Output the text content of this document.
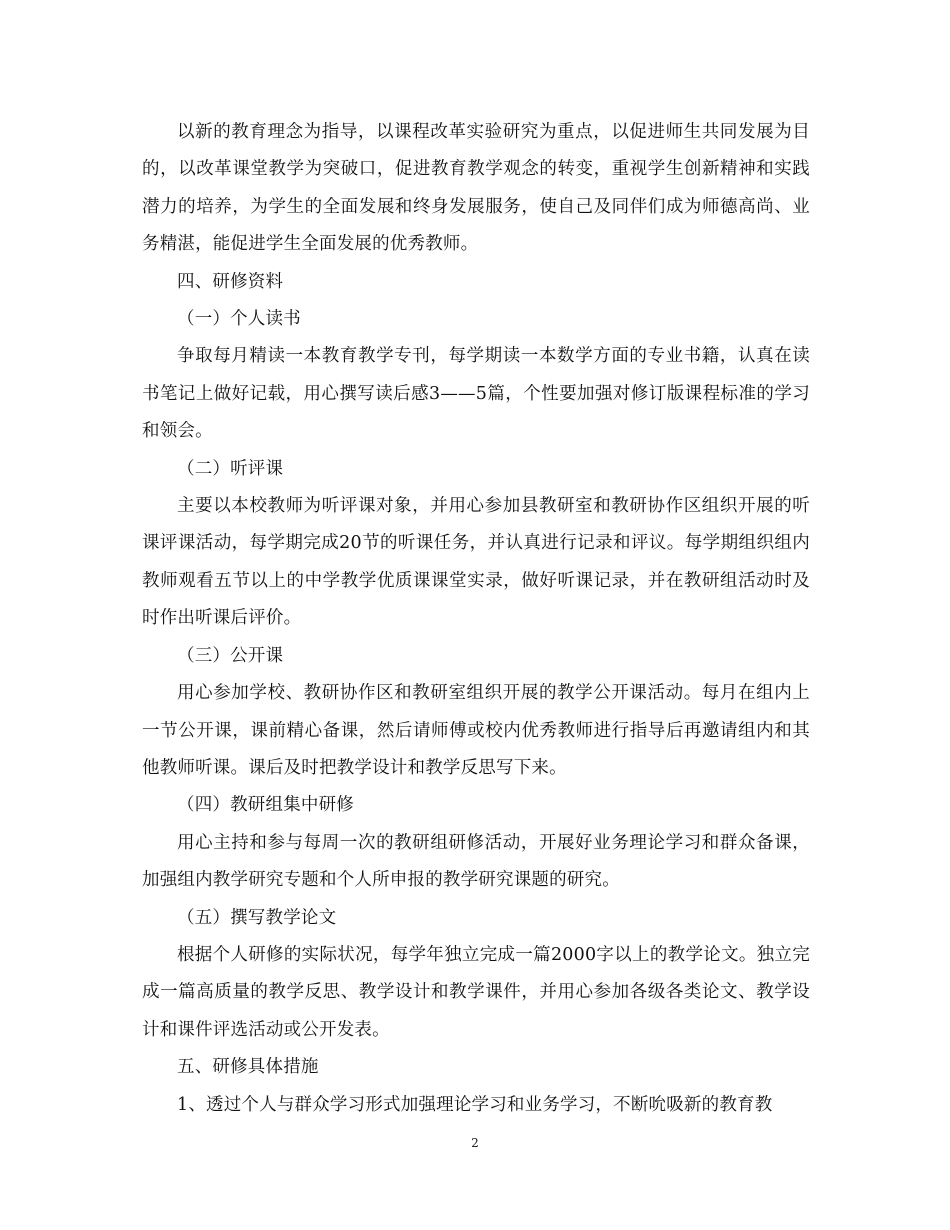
以新的教育理念为指导，以课程改革实验研究为重点，以促进师生共同发展为目的，以改革课堂教学为突破口，促进教育教学观念的转变，重视学生创新精神和实践潜力的培养，为学生的全面发展和终身发展服务，使自己及同伴们成为师德高尚、业务精湛，能促进学生全面发展的优秀教师。

四、研修资料

（一）个人读书

争取每月精读一本教育教学专刊，每学期读一本数学方面的专业书籍，认真在读书笔记上做好记载，用心撰写读后感3——5篇，个性要加强对修订版课程标准的学习和领会。

（二）听评课

主要以本校教师为听评课对象，并用心参加县教研室和教研协作区组织开展的听课评课活动，每学期完成20节的听课任务，并认真进行记录和评议。每学期组织组内教师观看五节以上的中学教学优质课课堂实录，做好听课记录，并在教研组活动时及时作出听课后评价。

（三）公开课

用心参加学校、教研协作区和教研室组织开展的教学公开课活动。每月在组内上一节公开课，课前精心备课，然后请师傅或校内优秀教师进行指导后再邀请组内和其他教师听课。课后及时把教学设计和教学反思写下来。

（四）教研组集中研修

用心主持和参与每周一次的教研组研修活动，开展好业务理论学习和群众备课，加强组内教学研究专题和个人所申报的教学研究课题的研究。

（五）撰写教学论文

根据个人研修的实际状况，每学年独立完成一篇2000字以上的教学论文。独立完成一篇高质量的教学反思、教学设计和教学课件，并用心参加各级各类论文、教学设计和课件评选活动或公开发表。

五、研修具体措施

1、透过个人与群众学习形式加强理论学习和业务学习，不断吮吸新的教育教

2
